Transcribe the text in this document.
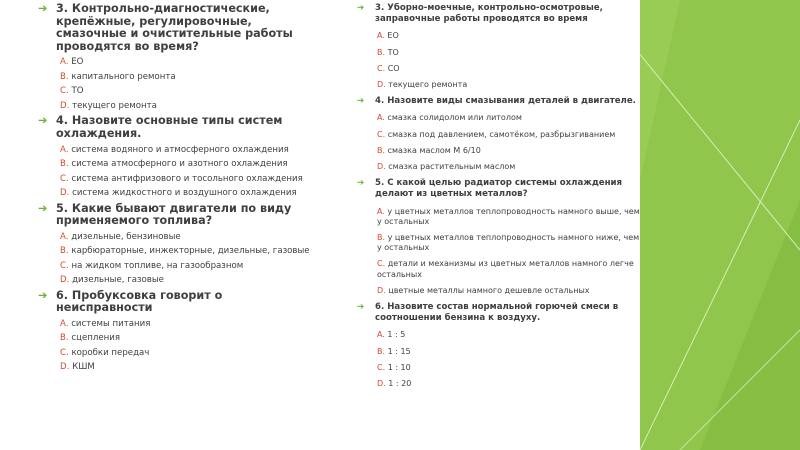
➔ 3. Контрольно-диагностические, крепёжные, регулировочные, смазочные и очистительные работы проводятся во время?
A. ЕО
B. капитального ремонта
C. ТО
D. текущего ремонта
➔ 4. Назовите основные типы систем охлаждения.
A. система водяного и атмосферного охлаждения
B. система атмосферного и азотного охлаждения
C. система антифризового и тосольного охлаждения
D. система жидкостного и воздушного охлаждения
➔ 5. Какие бывают двигатели по виду применяемого топлива?
A. дизельные, бензиновые
B. карбюраторные, инжекторные, дизельные, газовые
C. на жидком топливе, на газообразном
D. дизельные, газовые
➔ 6. Пробуксовка говорит о неисправности
A. системы питания
B. сцепления
C. коробки передач
D. КШМ
➔ 3. Уборно-моечные, контрольно-осмотровые, заправочные работы проводятся во время
A. ЕО
B. ТО
C. СО
D. текущего ремонта
➔ 4. Назовите виды смазывания деталей в двигателе.
A. смазка солидолом или литолом
C. смазка под давлением, самотёком, разбрызгиванием
B. смазка маслом М 6/10
D. смазка растительным маслом
➔ 5. С какой целью радиатор системы охлаждения делают из цветных металлов?
A. у цветных металлов теплопроводность намного выше, чем у остальных
B. у цветных металлов теплопроводность намного ниже, чем у остальных
C. детали и механизмы из цветных металлов намного легче остальных
D. цветные металлы намного дешевле остальных
➔ 6. Назовите состав нормальной горючей смеси в соотношении бензина к воздуху.
A. 1 : 5
B. 1 : 15
C. 1 : 10
D. 1 : 20
